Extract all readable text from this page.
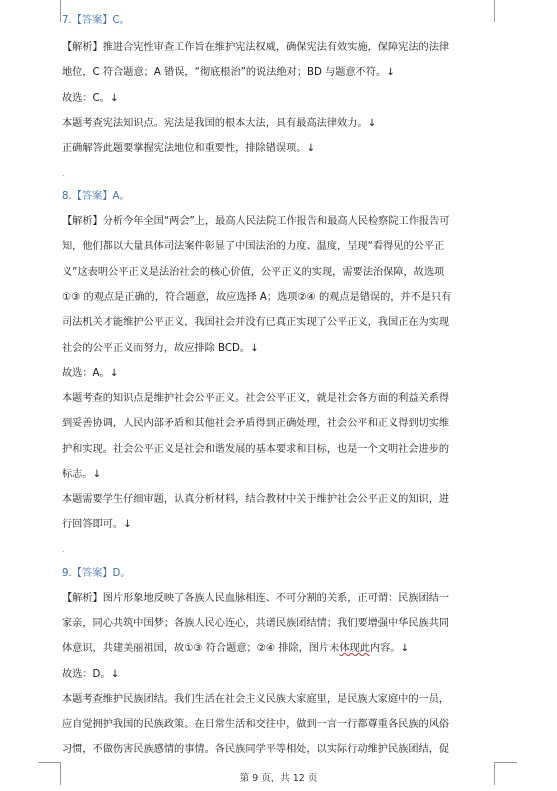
7.【答案】C。
【解析】推进合宪性审查工作旨在维护宪法权威，确保宪法有效实施，保障宪法的法律
地位，C 符合题意；A 错误，“彻底根治”的说法绝对；BD 与题意不符。↓
故选：C。↓
本题考查宪法知识点。宪法是我国的根本大法，具有最高法律效力。↓
正确解答此题要掌握宪法地位和重要性，排除错误项。↓
.
8.【答案】A。
【解析】分析今年全国“两会”上，最高人民法院工作报告和最高人民检察院工作报告可
知，他们都以大量具体司法案件彰显了中国法治的力度、温度，呈现“看得见的公平正
义”这表明公平正义是法治社会的核心价值，公平正义的实现，需要法治保障，故选项
①③ 的观点是正确的，符合题意，故应选择 A；选项②④ 的观点是错误的，并不是只有
司法机关才能维护公平正义，我国社会并没有已真正实现了公平正义，我国正在为实现
社会的公平正义而努力，故应排除 BCD。↓
故选：A。↓
本题考查的知识点是维护社会公平正义。社会公平正义，就是社会各方面的利益关系得
到妥善协调，人民内部矛盾和其他社会矛盾得到正确处理，社会公平和正义得到切实维
护和实现。社会公平正义是社会和谐发展的基本要求和目标，也是一个文明社会进步的
标志。↓
本题需要学生仔细审题，认真分析材料，结合教材中关于维护社会公平正义的知识，进
行回答即可。↓
.
9.【答案】D。
【解析】图片形象地反映了各族人民血脉相连、不可分割的关系，正可谓：民族团结一
家亲，同心共筑中国梦；各族人民心连心，共谱民族团结情；我们要增强中华民族共同
体意识，共建美丽祖国，故①③ 符合题意；②④ 排除，图片未体现此内容。↓
故选：D。↓
本题考查维护民族团结。我们生活在社会主义民族大家庭里，是民族大家庭中的一员，
应自觉拥护我国的民族政策。在日常生活和交往中，做到一言一行都尊重各民族的风俗
习惯，不做伤害民族感情的事情。各民族同学平等相处，以实际行动维护民族团结，促
第 9 页，共 12 页
